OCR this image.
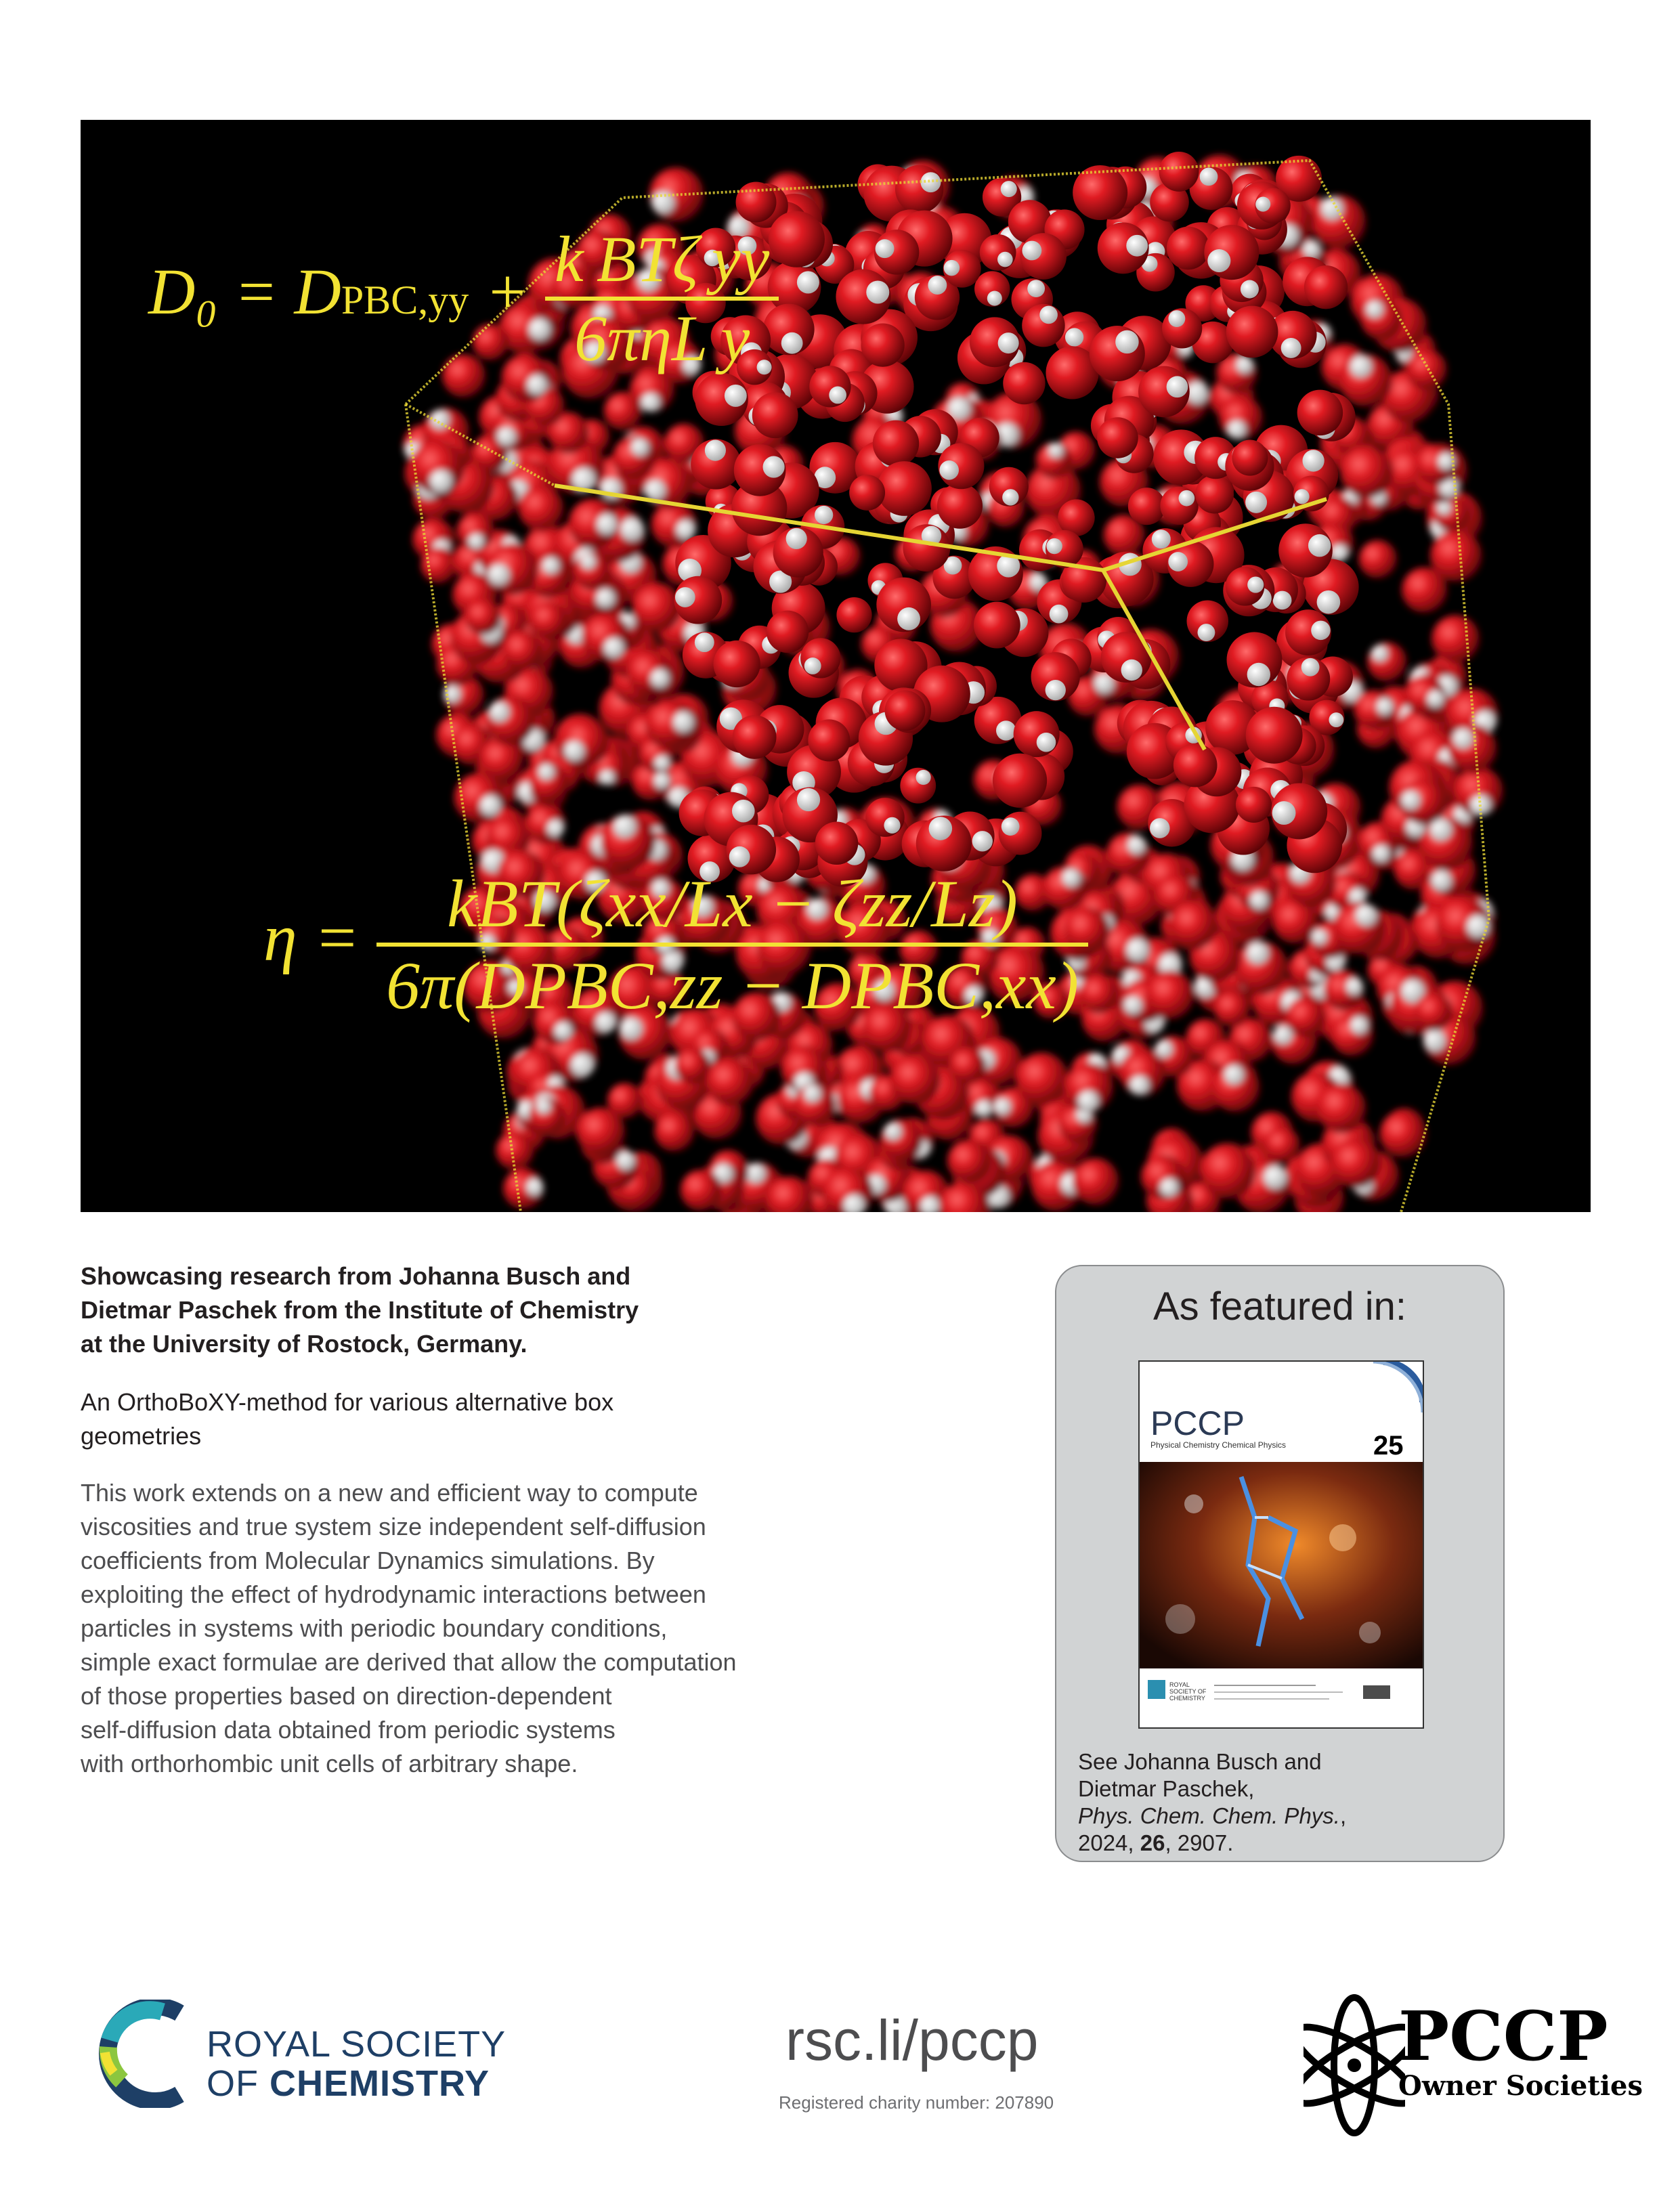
D₀ = DPBC,yy + k BTζ yy
6πηL y
η = kBT(ζxx/Lx − ζzz/Lz)
6π(DPBC,zz − DPBC,xx)
Showcasing research from Johanna Busch and
Dietmar Paschek from the Institute of Chemistry
at the University of Rostock, Germany.
An OrthoBoXY-method for various alternative box
geometries
This work extends on a new and efficient way to compute
viscosities and true system size independent self-diffusion
coefficients from Molecular Dynamics simulations. By
exploiting the effect of hydrodynamic interactions between
particles in systems with periodic boundary conditions,
simple exact formulae are derived that allow the computation
of those properties based on direction-dependent
self-diffusion data obtained from periodic systems
with orthorhombic unit cells of arbitrary shape.
As featured in:
PCCP
Physical Chemistry Chemical Physics	25
ROYAL SOCIETY OF CHEMISTRY
See Johanna Busch and
Dietmar Paschek,
Phys. Chem. Chem. Phys.,
2024, 26, 2907.
ROYAL SOCIETY
OF CHEMISTRY
rsc.li/pccp
Registered charity number: 207890
PCCP
Owner Societies
